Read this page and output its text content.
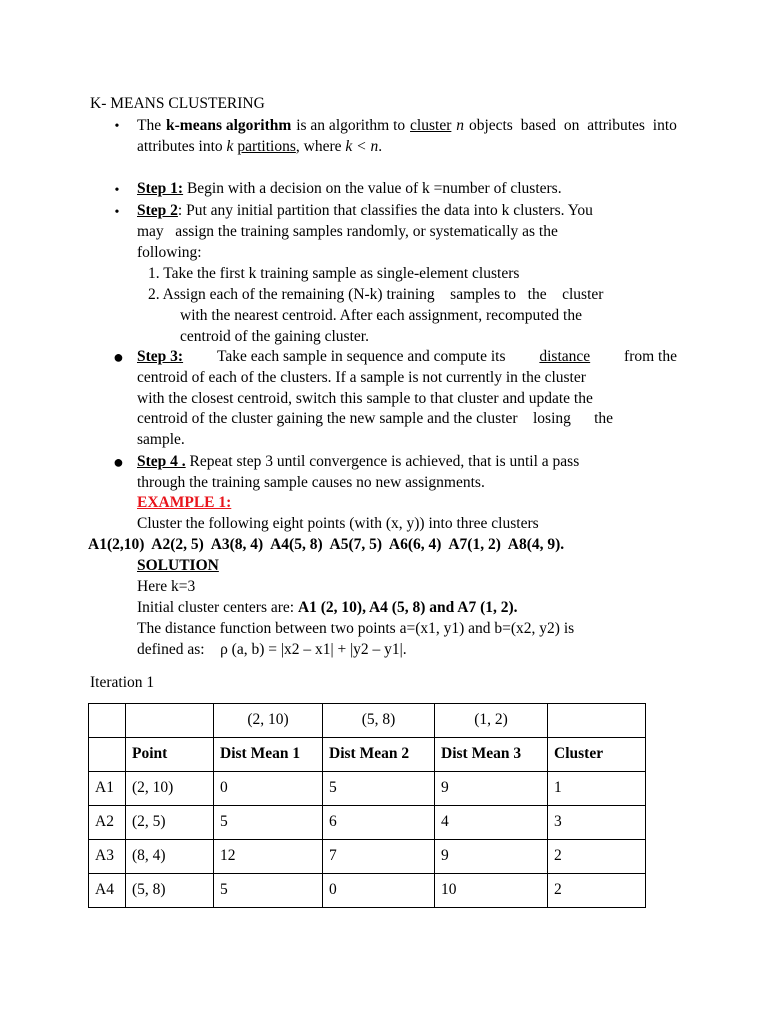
K- MEANS CLUSTERING
• The k-means algorithm is an algorithm to cluster n objects based on attributes into
attributes into k partitions, where k < n.
• Step 1: Begin with a decision on the value of k =number of clusters.
• Step 2: Put any initial partition that classifies the data into k clusters. You
may   assign the training samples randomly, or systematically as the
following:
1. Take the first k training sample as single-element clusters
2. Assign each of the remaining (N-k) training    samples to   the    cluster
with the nearest centroid. After each assignment, recomputed the
centroid of the gaining cluster.
● Step 3: Take each sample in sequence and compute its distance from the
centroid of each of the clusters. If a sample is not currently in the cluster
with the closest centroid, switch this sample to that cluster and update the
centroid of the cluster gaining the new sample and the cluster    losing      the
sample.
● Step 4 . Repeat step 3 until convergence is achieved, that is until a pass
through the training sample causes no new assignments.
EXAMPLE 1:
Cluster the following eight points (with (x, y)) into three clusters
A1(2,10)  A2(2, 5)  A3(8, 4)  A4(5, 8)  A5(7, 5)  A6(6, 4)  A7(1, 2)  A8(4, 9).
SOLUTION
Here k=3
Initial cluster centers are: A1 (2, 10), A4 (5, 8) and A7 (1, 2).
The distance function between two points a=(x1, y1) and b=(x2, y2) is
defined as:    ρ (a, b) = |x2 – x1| + |y2 – y1|.
Iteration 1
		(2, 10)	(5, 8)	(1, 2)	
	Point	Dist Mean 1	Dist Mean 2	Dist Mean 3	Cluster
A1	(2, 10)	0	5	9	1
A2	(2, 5)	5	6	4	3
A3	(8, 4)	12	7	9	2
A4	(5, 8)	5	0	10	2
